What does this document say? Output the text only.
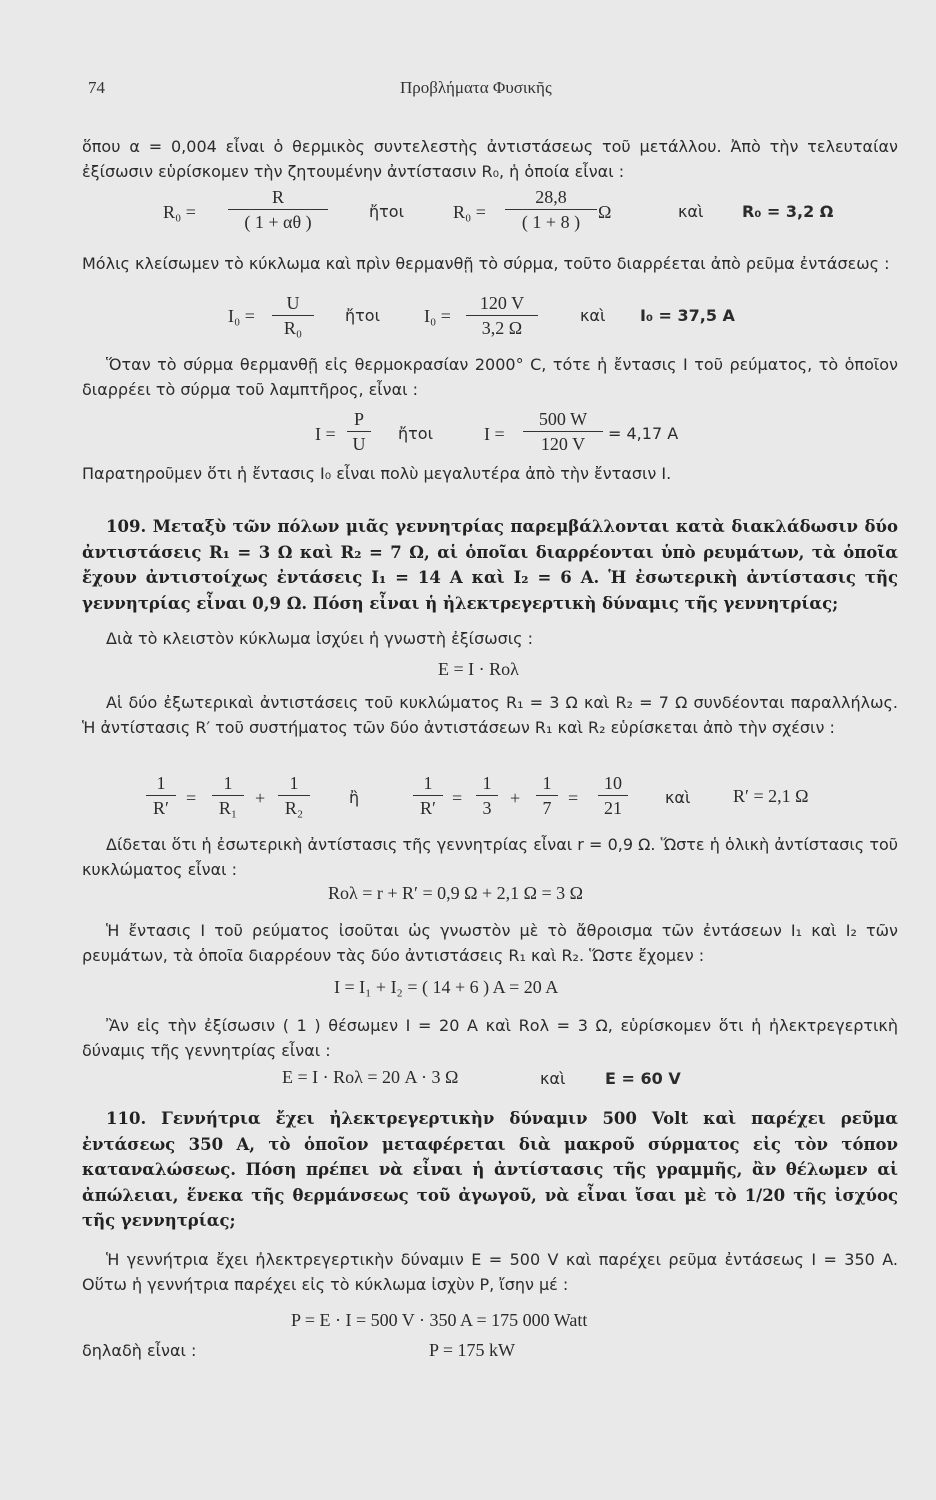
74	Προβλήματα Φυσικῆς
ὅπου α = 0,004 εἶναι ὁ θερμικὸς συντελεστὴς ἀντιστάσεως τοῦ μετάλλου. Ἀπὸ τὴν τελευταίαν ἐξίσωσιν εὑρίσκομεν τὴν ζητουμένην ἀντίστασιν R₀, ἡ ὁποία εἶναι :
$R_0 = \frac{R}{( 1 + \alpha\theta )}$	ἤτοι	$R_0 = \frac{28,8}{( 1 + 8 )}$ Ω	καὶ R₀ = 3,2 Ω
Μόλις κλείσωμεν τὸ κύκλωμα καὶ πρὶν θερμανθῇ τὸ σύρμα, τοῦτο διαρρέεται ἀπὸ ρεῦμα ἐντάσεως :
$I_0 = \frac{U}{\text{R₀}}$ ἤτοι $I_0 = \frac{120 V}{3,2 \Omega}$	καὶ I₀ = 37,5 A
Ὅταν τὸ σύρμα θερμανθῇ εἰς θερμοκρασίαν 2000° C, τότε ἡ ἔντασις I τοῦ ρεύματος, τὸ ὁποῖον διαρρέει τὸ σύρμα τοῦ λαμπτῆρος, εἶναι :
$I = \frac{P}{U}$ ἤτοι	$I = \frac{500 W}{120 V} = 4,17$ A
Παρατηροῦμεν ὅτι ἡ ἔντασις I₀ εἶναι πολὺ μεγαλυτέρα ἀπὸ τὴν ἔντασιν I.
109. Μεταξὺ τῶν πόλων μιᾶς γεννητρίας παρεμβάλλονται κατὰ διακλάδωσιν δύο ἀντιστάσεις R₁ = 3 Ω καὶ R₂ = 7 Ω, αἱ ὁποῖαι διαρρέονται ὑπὸ ρευμάτων, τὰ ὁποῖα ἔχουν ἀντιστοίχως ἐντάσεις I₁ = 14 A καὶ I₂ = 6 A. Ἡ ἐσωτερικὴ ἀντίστασις τῆς γεννητρίας εἶναι 0,9 Ω. Πόση εἶναι ἡ ἠλεκτρεγερτικὴ δύναμις τῆς γεννητρίας;
Διὰ τὸ κλειστὸν κύκλωμα ἰσχύει ἡ γνωστὴ ἐξίσωσις :
E = I · Rολ
Αἱ δύο ἐξωτερικαὶ ἀντιστάσεις τοῦ κυκλώματος R₁ = 3 Ω καὶ R₂ = 7 Ω συνδέονται παραλλήλως. Ἡ ἀντίστασις R′ τοῦ συστήματος τῶν δύο ἀντιστάσεων R₁ καὶ R₂ εὑρίσκεται ἀπὸ τὴν σχέσιν :
$\frac{1}{R'} = \frac{1}{\text{R₁}} + \frac{1}{\text{R₂}}$ ἢ	$\frac{1}{R'} = \frac{1}{3} + \frac{1}{7} = \frac{10}{21}$ καὶ R′ = 2,1 Ω
Δίδεται ὅτι ἡ ἐσωτερικὴ ἀντίστασις τῆς γεννητρίας εἶναι r = 0,9 Ω. Ὥστε ἡ ὁλικὴ ἀντίστασις τοῦ κυκλώματος εἶναι :
Rολ = r + R′ = 0,9 Ω + 2,1 Ω = 3 Ω
Ἡ ἔντασις I τοῦ ρεύματος ἰσοῦται ὡς γνωστὸν μὲ τὸ ἄθροισμα τῶν ἐντάσεων I₁ καὶ I₂ τῶν ρευμάτων, τὰ ὁποῖα διαρρέουν τὰς δύο ἀντιστάσεις R₁ καὶ R₂. Ὥστε ἔχομεν :
I = I₁ + I₂ = ( 14 + 6 ) A = 20 A
Ἂν εἰς τὴν ἐξίσωσιν ( 1 ) θέσωμεν I = 20 A καὶ Rολ = 3 Ω, εὑρίσκομεν ὅτι ἡ ἠλεκτρεγερτικὴ δύναμις τῆς γεννητρίας εἶναι :
E = I · Rολ = 20 A · 3 Ω	καὶ E = 60 V
110. Γεννήτρια ἔχει ἠλεκτρεγερτικὴν δύναμιν 500 Volt καὶ παρέχει ρεῦμα ἐντάσεως 350 A, τὸ ὁποῖον μεταφέρεται διὰ μακροῦ σύρματος εἰς τὸν τόπον καταναλώσεως. Πόση πρέπει νὰ εἶναι ἡ ἀντίστασις τῆς γραμμῆς, ἂν θέλωμεν αἱ ἀπώλειαι, ἕνεκα τῆς θερμάνσεως τοῦ ἀγωγοῦ, νὰ εἶναι ἴσαι μὲ τὸ 1/20 τῆς ἰσχύος τῆς γεννητρίας;
Ἡ γεννήτρια ἔχει ἠλεκτρεγερτικὴν δύναμιν E = 500 V καὶ παρέχει ρεῦμα ἐντάσεως I = 350 A. Οὕτω ἡ γεννήτρια παρέχει εἰς τὸ κύκλωμα ἰσχὺν P, ἴσην μέ :
P = E · I = 500 V · 350 A = 175 000 Watt
δηλαδὴ εἶναι :	P = 175 kW
